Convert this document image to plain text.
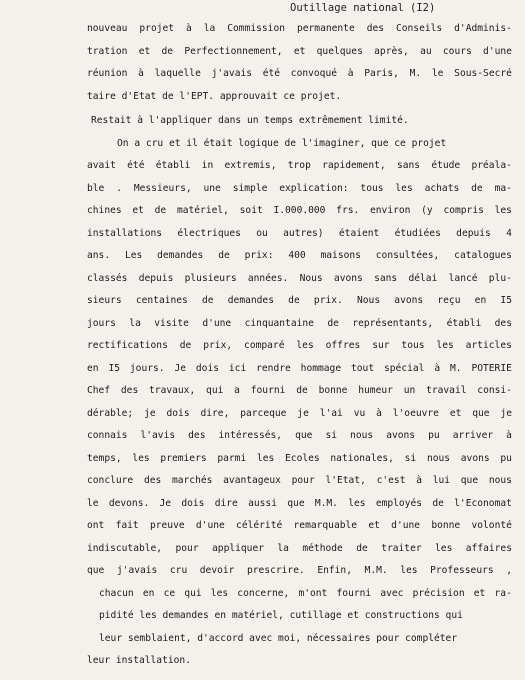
Outillage national (I2)
nouveau projet à la Commission permanente des Conseils d'Adminis-
tration et de Perfectionnement, et quelques après, au cours d'une
réunion à laquelle j'avais été convoqué à Paris, M. le Sous-Secré
taire d'Etat de l'EPT. approuvait ce projet.
Restait à l'appliquer dans un temps extrêmement limité.
On a cru et il était logique de l'imaginer, que ce projet
avait été établi in extremis, trop rapidement, sans étude préala-
ble . Messieurs, une simple explication: tous les achats de ma-
chines et de matériel, soit I.000.000 frs. environ (y compris les
installations électriques ou autres) étaient étudiées depuis 4
ans. Les demandes de prix: 400 maisons consultées, catalogues
classés depuis plusieurs années. Nous avons sans délai lancé plu-
sieurs centaines de demandes de prix. Nous avons reçu en I5
jours la visite d'une cinquantaine de représentants, établi des
rectifications de prix, comparé les offres sur tous les articles
en I5 jours. Je dois ici rendre hommage tout spécial à M. POTERIE
Chef des travaux, qui a fourni de bonne humeur un travail consi-
dérable; je dois dire, parceque je l'ai vu à l'oeuvre et que je
connais l'avis des intéressés, que si nous avons pu arriver à
temps, les premiers parmi les Ecoles nationales, si nous avons pu
conclure des marchés avantageux pour l'Etat, c'est à lui que nous
le devons. Je dois dire aussi que M.M. les employés de l'Economat
ont fait preuve d'une célérité remarquable et d'une bonne volonté
indiscutable, pour appliquer la méthode de traiter les affaires
que j'avais cru devoir prescrire. Enfin, M.M. les Professeurs ,
chacun en ce qui les concerne, m'ont fourni avec précision et ra-
pidité les demandes en matériel, cutillage et constructions qui
leur semblaient, d'accord avec moi, nécessaires pour compléter
leur installation.
